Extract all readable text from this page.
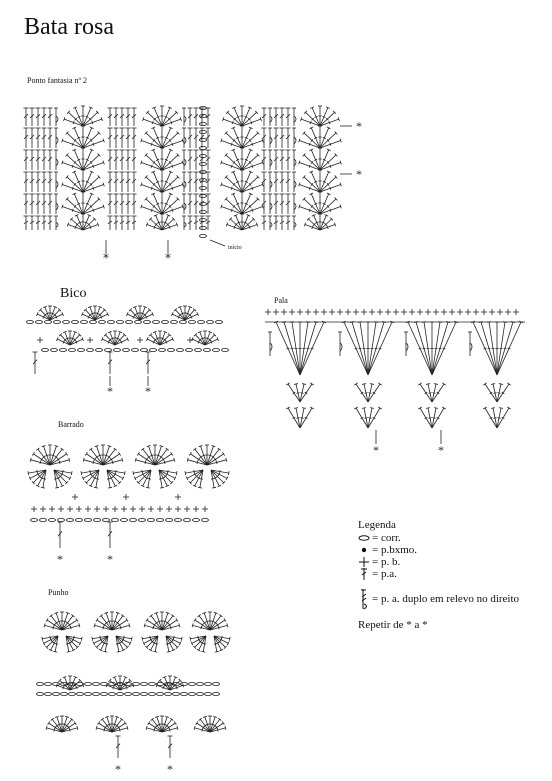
Bata rosa
Ponto fantasia nº 2
*
*
*	*
início
Bico
*	*
Pala
*	*
Barrado
*	*
Punho
*	*
Legenda
= corr.
= p.bxmo.
= p. b.
= p.a.
= p. a. duplo em relevo no direito
Repetir de * a *
